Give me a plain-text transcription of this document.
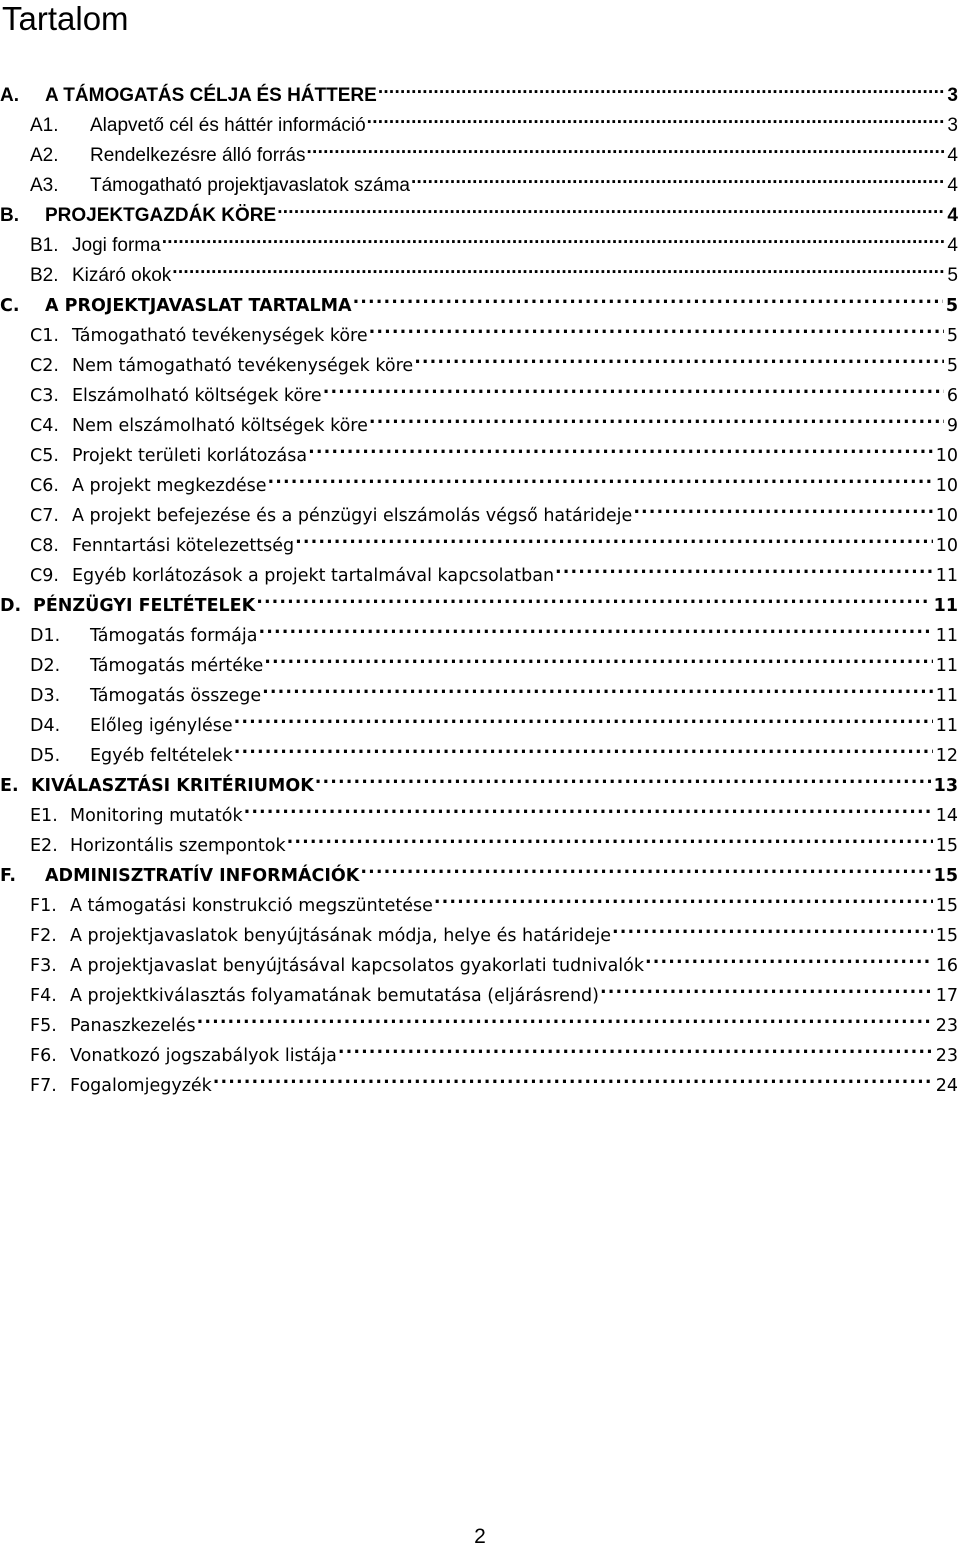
Tartalom
A.	A TÁMOGATÁS CÉLJA ÉS HÁTTERE . . .	3
A1.	Alapvető cél és háttér információ . . .	3
A2.	Rendelkezésre álló forrás . . .	4
A3.	Támogatható projektjavaslatok száma . . .	4
B.	PROJEKTGAZDÁK KÖRE . . .	4
B1. Jogi forma . . .	4
B2. Kizáró okok . . .	5
C.	A PROJEKTJAVASLAT TARTALMA . . .	5
C1. Támogatható tevékenységek köre . . .	5
C2. Nem támogatható tevékenységek köre . . .	5
C3. Elszámolható költségek köre . . .	6
C4. Nem elszámolható költségek köre . . .	9
C5. Projekt területi korlátozása . . .	10
C6. A projekt megkezdése . . .	10
C7. A projekt befejezése és a pénzügyi elszámolás végső határideje . . .	10
C8. Fenntartási kötelezettség . . .	10
C9. Egyéb korlátozások a projekt tartalmával kapcsolatban . . .	11
D. PÉNZÜGYI FELTÉTELEK . . .	11
D1.	Támogatás formája . . .	11
D2.	Támogatás mértéke . . .	11
D3.	Támogatás összege . . .	11
D4.	Előleg igénylése . . .	11
D5.	Egyéb feltételek . . .	12
E. KIVÁLASZTÁSI KRITÉRIUMOK . . .	13
E1. Monitoring mutatók . . .	14
E2. Horizontális szempontok . . .	15
F.	ADMINISZTRATÍV INFORMÁCIÓK . . .	15
F1. A támogatási konstrukció megszüntetése . . .	15
F2. A projektjavaslatok benyújtásának módja, helye és határideje . . .	15
F3. A projektjavaslat benyújtásával kapcsolatos gyakorlati tudnivalók . . .	16
F4. A projektkiválasztás folyamatának bemutatása (eljárásrend) . . .	17
F5. Panaszkezelés . . .	23
F6. Vonatkozó jogszabályok listája . . .	23
F7. Fogalomjegyzék . . .	24
2
